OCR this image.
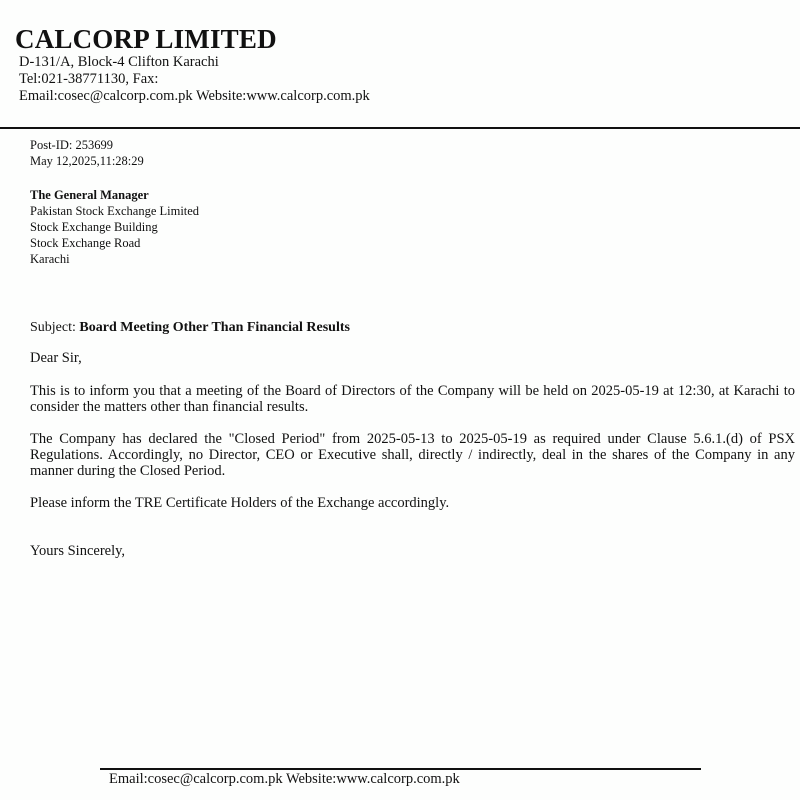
CALCORP LIMITED
D-131/A, Block-4 Clifton Karachi
Tel:021-38771130, Fax:
Email:cosec@calcorp.com.pk Website:www.calcorp.com.pk
Post-ID: 253699
May 12,2025,11:28:29
The General Manager
Pakistan Stock Exchange Limited
Stock Exchange Building
Stock Exchange Road
Karachi
Subject: Board Meeting Other Than Financial Results
Dear Sir,
This is to inform you that a meeting of the Board of Directors of the Company will be held on 2025-05-19 at 12:30, at Karachi to consider the matters other than financial results.
The Company has declared the "Closed Period" from 2025-05-13 to 2025-05-19 as required under Clause 5.6.1.(d) of PSX Regulations. Accordingly, no Director, CEO or Executive shall, directly / indirectly, deal in the shares of the Company in any manner during the Closed Period.
Please inform the TRE Certificate Holders of the Exchange accordingly.
Yours Sincerely,
Email:cosec@calcorp.com.pk Website:www.calcorp.com.pk
